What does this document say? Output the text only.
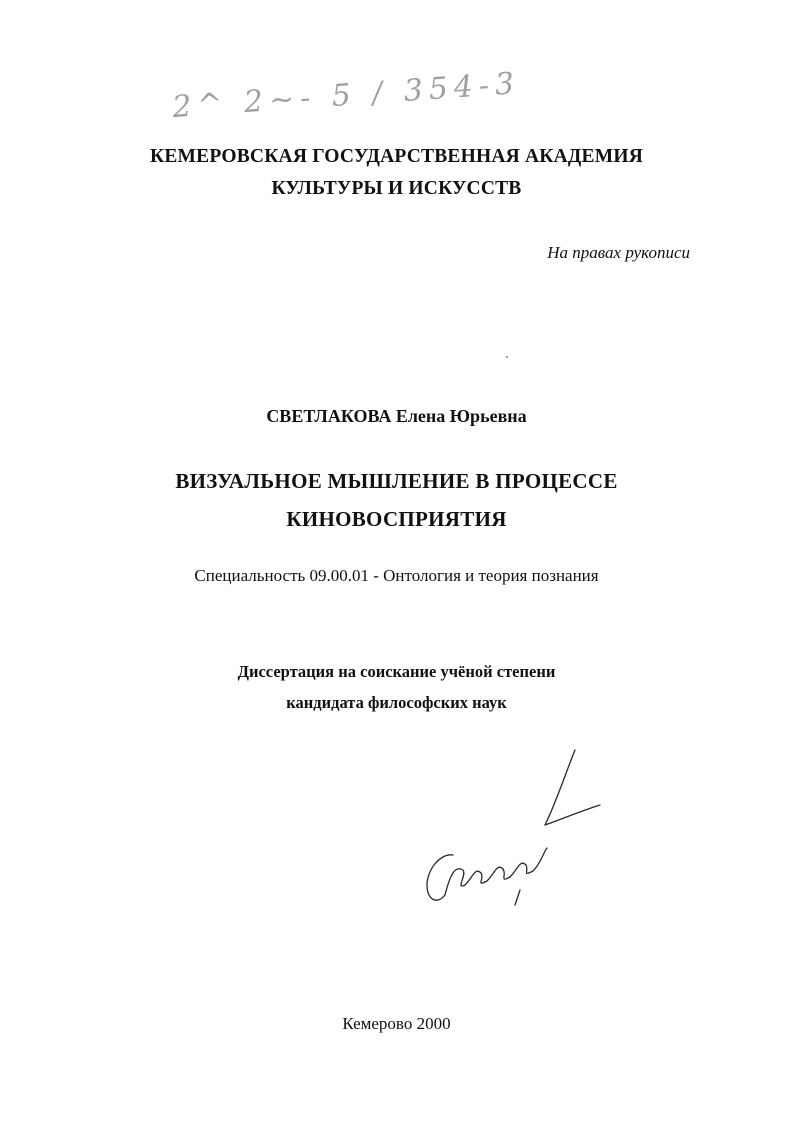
2^ 2~- 5 / 354-3
КЕМЕРОВСКАЯ ГОСУДАРСТВЕННАЯ АКАДЕМИЯ
КУЛЬТУРЫ И ИСКУССТВ
На правах рукописи
СВЕТЛАКОВА Елена Юрьевна
ВИЗУАЛЬНОЕ МЫШЛЕНИЕ В ПРОЦЕССЕ
КИНОВОСПРИЯТИЯ
Специальность 09.00.01 - Онтология и теория познания
Диссертация на соискание учёной степени
кандидата философских наук
Кемерово 2000
